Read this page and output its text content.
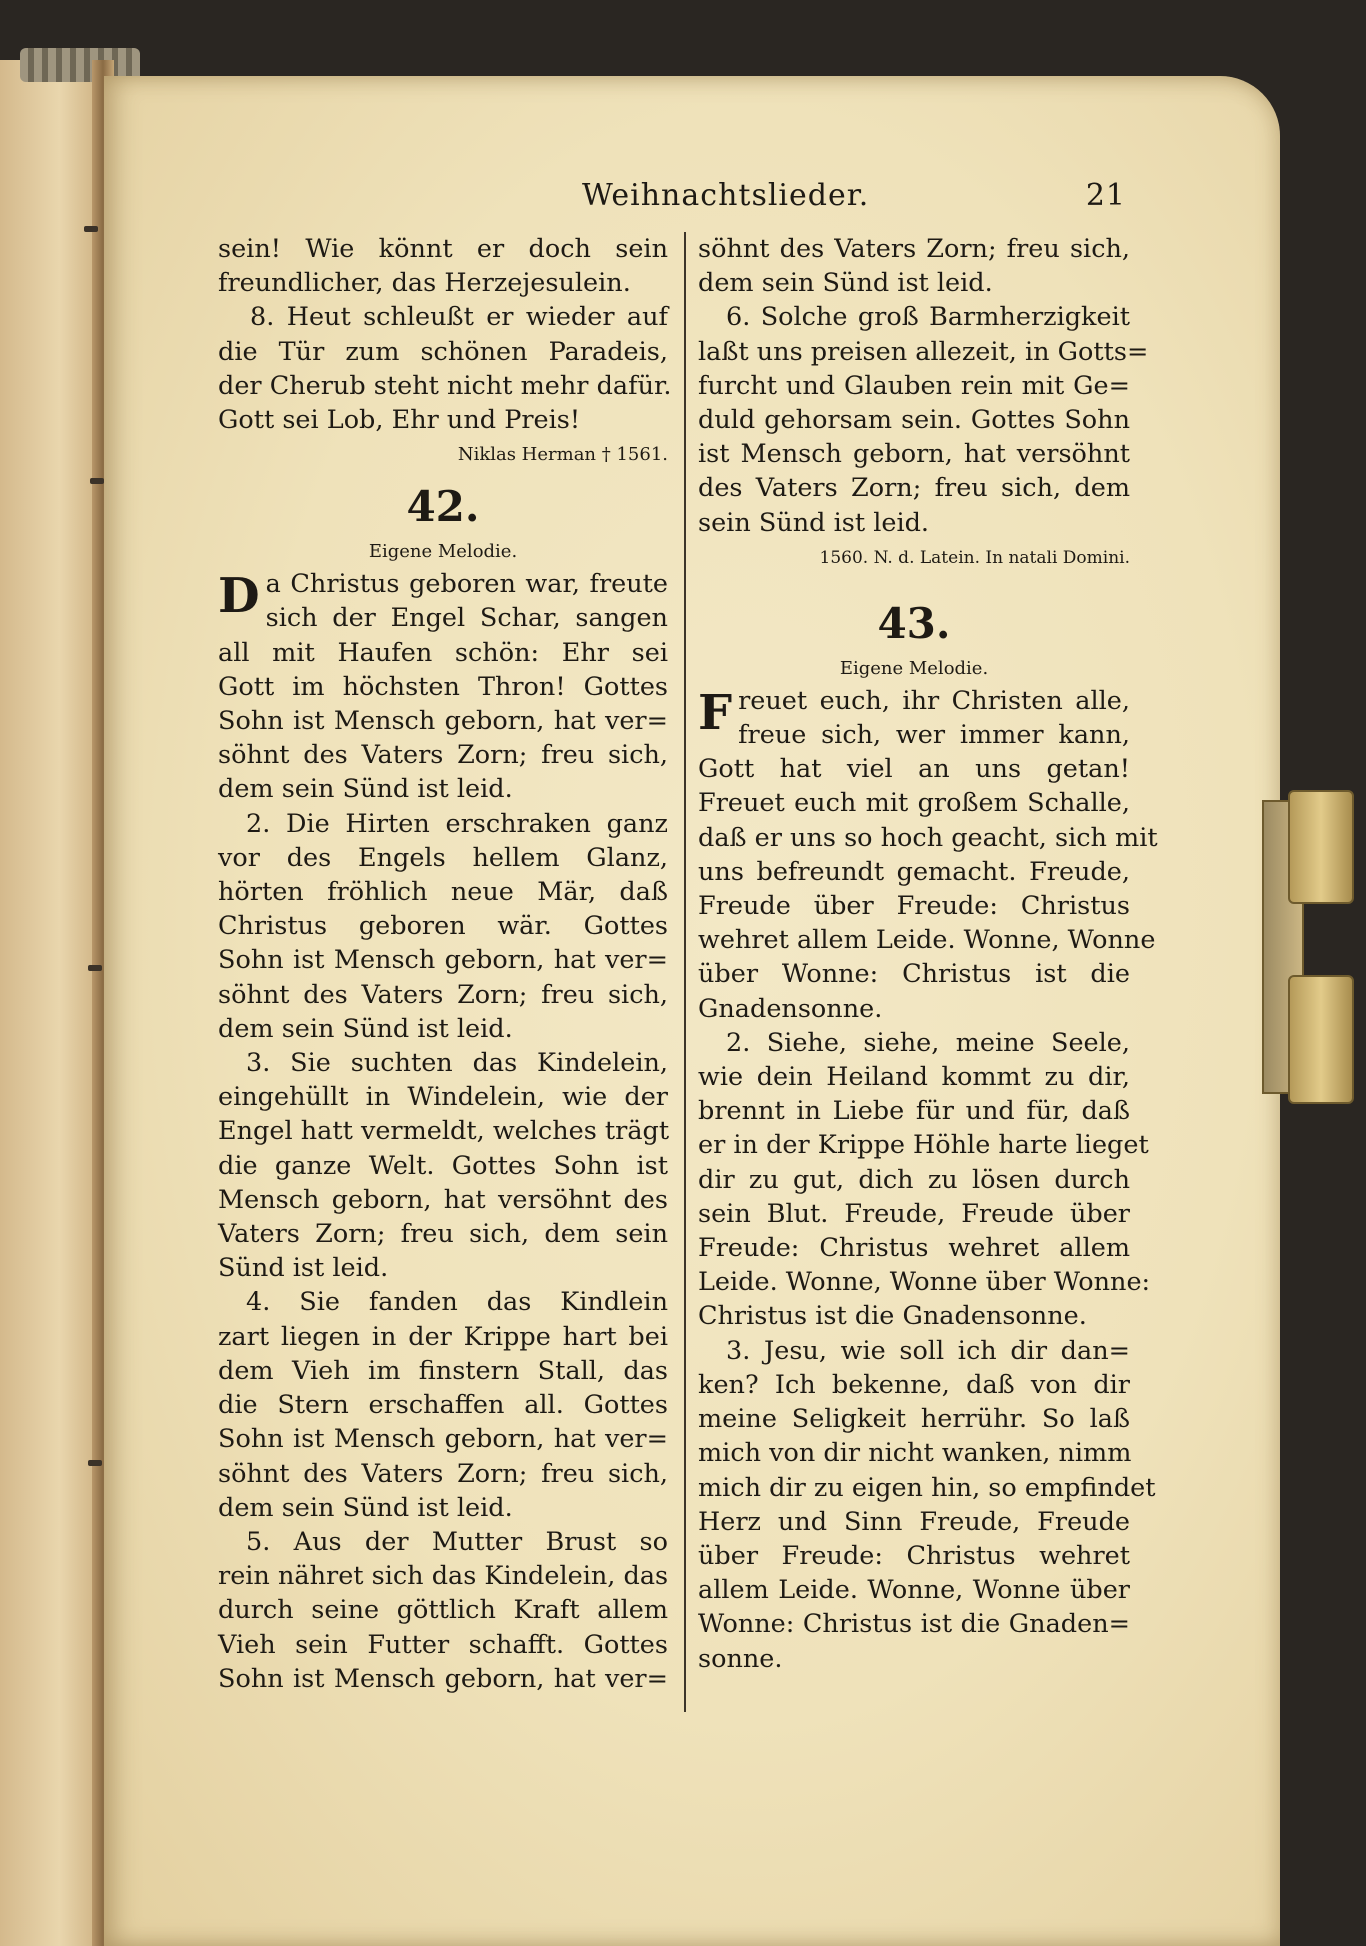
Weihnachtslieder.	21

sein! Wie könnt er doch sein
freundlicher, das Herzejesulein.

8. Heut schleußt er wieder auf
die Tür zum schönen Paradeis,
der Cherub steht nicht mehr dafür.
Gott sei Lob, Ehr und Preis!

Niklas Herman † 1561.
42.
Eigene Melodie.

D a Christus geboren war, freute
sich der Engel Schar, sangen
all mit Haufen schön: Ehr sei
Gott im höchsten Thron! Gottes
Sohn ist Mensch geborn, hat ver=
söhnt des Vaters Zorn; freu sich,
dem sein Sünd ist leid.

2. Die Hirten erschraken ganz
vor des Engels hellem Glanz,
hörten fröhlich neue Mär, daß
Christus geboren wär. Gottes
Sohn ist Mensch geborn, hat ver=
söhnt des Vaters Zorn; freu sich,
dem sein Sünd ist leid.

3. Sie suchten das Kindelein,
eingehüllt in Windelein, wie der
Engel hatt vermeldt, welches trägt
die ganze Welt. Gottes Sohn ist
Mensch geborn, hat versöhnt des
Vaters Zorn; freu sich, dem sein
Sünd ist leid.

4. Sie fanden das Kindlein
zart liegen in der Krippe hart bei
dem Vieh im finstern Stall, das
die Stern erschaffen all. Gottes
Sohn ist Mensch geborn, hat ver=
söhnt des Vaters Zorn; freu sich,
dem sein Sünd ist leid.

5. Aus der Mutter Brust so
rein nähret sich das Kindelein, das
durch seine göttlich Kraft allem
Vieh sein Futter schafft. Gottes
Sohn ist Mensch geborn, hat ver=

söhnt des Vaters Zorn; freu sich,
dem sein Sünd ist leid.

6. Solche groß Barmherzigkeit
laßt uns preisen allezeit, in Gotts=
furcht und Glauben rein mit Ge=
duld gehorsam sein. Gottes Sohn
ist Mensch geborn, hat versöhnt
des Vaters Zorn; freu sich, dem
sein Sünd ist leid.

1560. N. d. Latein. In natali Domini.
43.
Eigene Melodie.

F reuet euch, ihr Christen alle,
freue sich, wer immer kann,
Gott hat viel an uns getan!
Freuet euch mit großem Schalle,
daß er uns so hoch geacht, sich mit
uns befreundt gemacht. Freude,
Freude über Freude: Christus
wehret allem Leide. Wonne, Wonne
über Wonne: Christus ist die
Gnadensonne.

2. Siehe, siehe, meine Seele,
wie dein Heiland kommt zu dir,
brennt in Liebe für und für, daß
er in der Krippe Höhle harte lieget
dir zu gut, dich zu lösen durch
sein Blut. Freude, Freude über
Freude: Christus wehret allem
Leide. Wonne, Wonne über Wonne:
Christus ist die Gnadensonne.

3. Jesu, wie soll ich dir dan=
ken? Ich bekenne, daß von dir
meine Seligkeit herrühr. So laß
mich von dir nicht wanken, nimm
mich dir zu eigen hin, so empfindet
Herz und Sinn Freude, Freude
über Freude: Christus wehret
allem Leide. Wonne, Wonne über
Wonne: Christus ist die Gnaden=
sonne.
